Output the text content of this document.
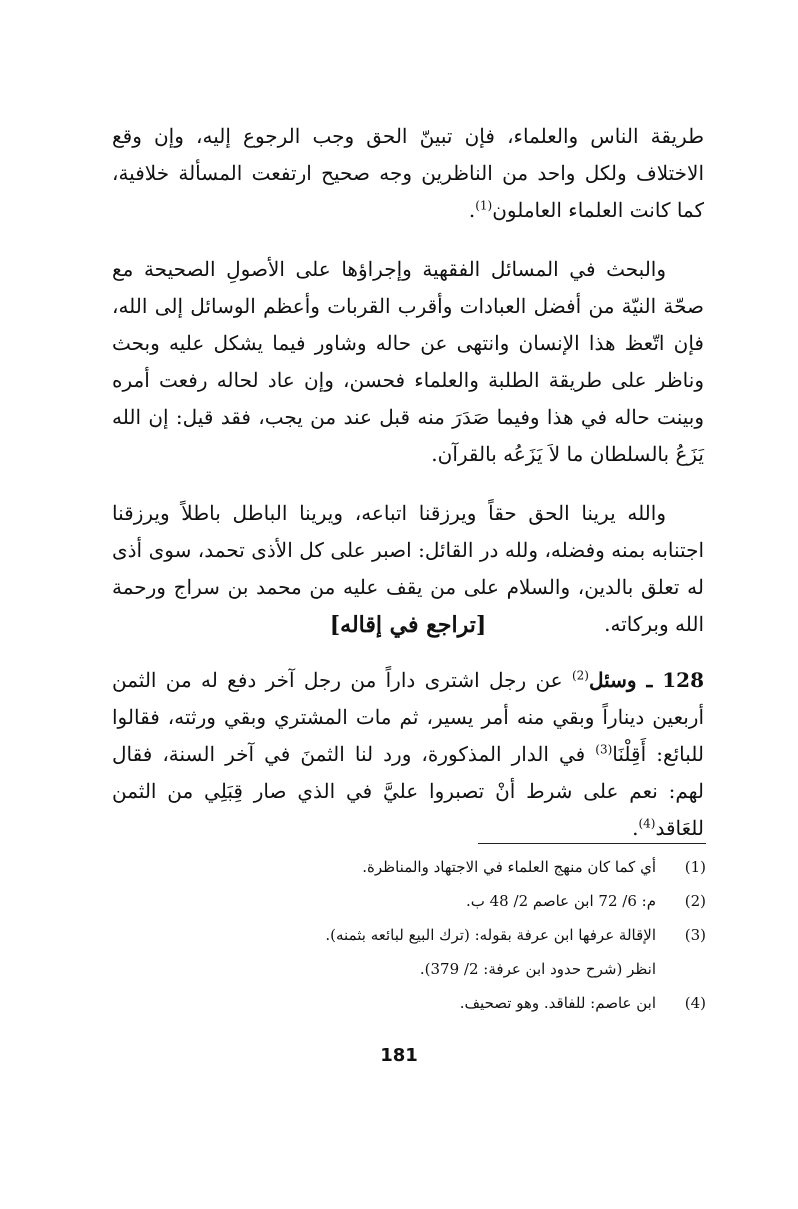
طريقة الناس والعلماء، فإن تبينّ الحق وجب الرجوع إليه، وإن وقع الاختلاف ولكل واحد من الناظرين وجه صحيح ارتفعت المسألة خلافية، كما كانت العلماء العاملون$^{(1)}$.

والبحث في المسائل الفقهية وإجراؤها على الأصولِ الصحيحة مع صحّة النيّة من أفضل العبادات وأقرب القربات وأعظم الوسائل إلى الله، فإن اتّعظ هذا الإنسان وانتهى عن حاله وشاور فيما يشكل عليه وبحث وناظر على طريقة الطلبة والعلماء فحسن، وإن عاد لحاله رفعت أمره وبينت حاله في هذا وفيما صَدَرَ منه قبل عند من يجب، فقد قيل: إن الله يَزَعُ بالسلطان ما لاَ يَزَعُه بالقرآن.

والله يرينا الحق حقاً ويرزقنا اتباعه، ويرينا الباطل باطلاً ويرزقنا اجتنابه بمنه وفضله، ولله در القائل: اصبر على كل الأذى تحمد، سوى أذى له تعلق بالدين، والسلام على من يقف عليه من محمد بن سراج ورحمة الله وبركاته.

[تراجع في إقاله]

128 ـ وسئل$^{(2)}$ عن رجل اشترى داراً من رجل آخر دفع له من الثمن أربعين ديناراً وبقي منه أمر يسير، ثم مات المشتري وبقي ورثته، فقالوا للبائع: أَقِلْنَا$^{(3)}$ في الدار المذكورة، ورد لنا الثمنَ في آخر السنة، فقال لهم: نعم على شرط أنْ تصبروا عليَّ في الذي صار قِبَلِي من الثمن للعَاقد$^{(4)}$.

(1)
أي كما كان منهج العلماء في الاجتهاد والمناظرة.
(2)
م: 6/ 72 ابن عاصم 2/ 48 ب.
(3)
الإقالة عرفها ابن عرفة بقوله: (ترك البيع لبائعه بثمنه).
انظر (شرح حدود ابن عرفة: 2/ 379).
(4)
ابن عاصم: للفاقد. وهو تصحيف.
181
